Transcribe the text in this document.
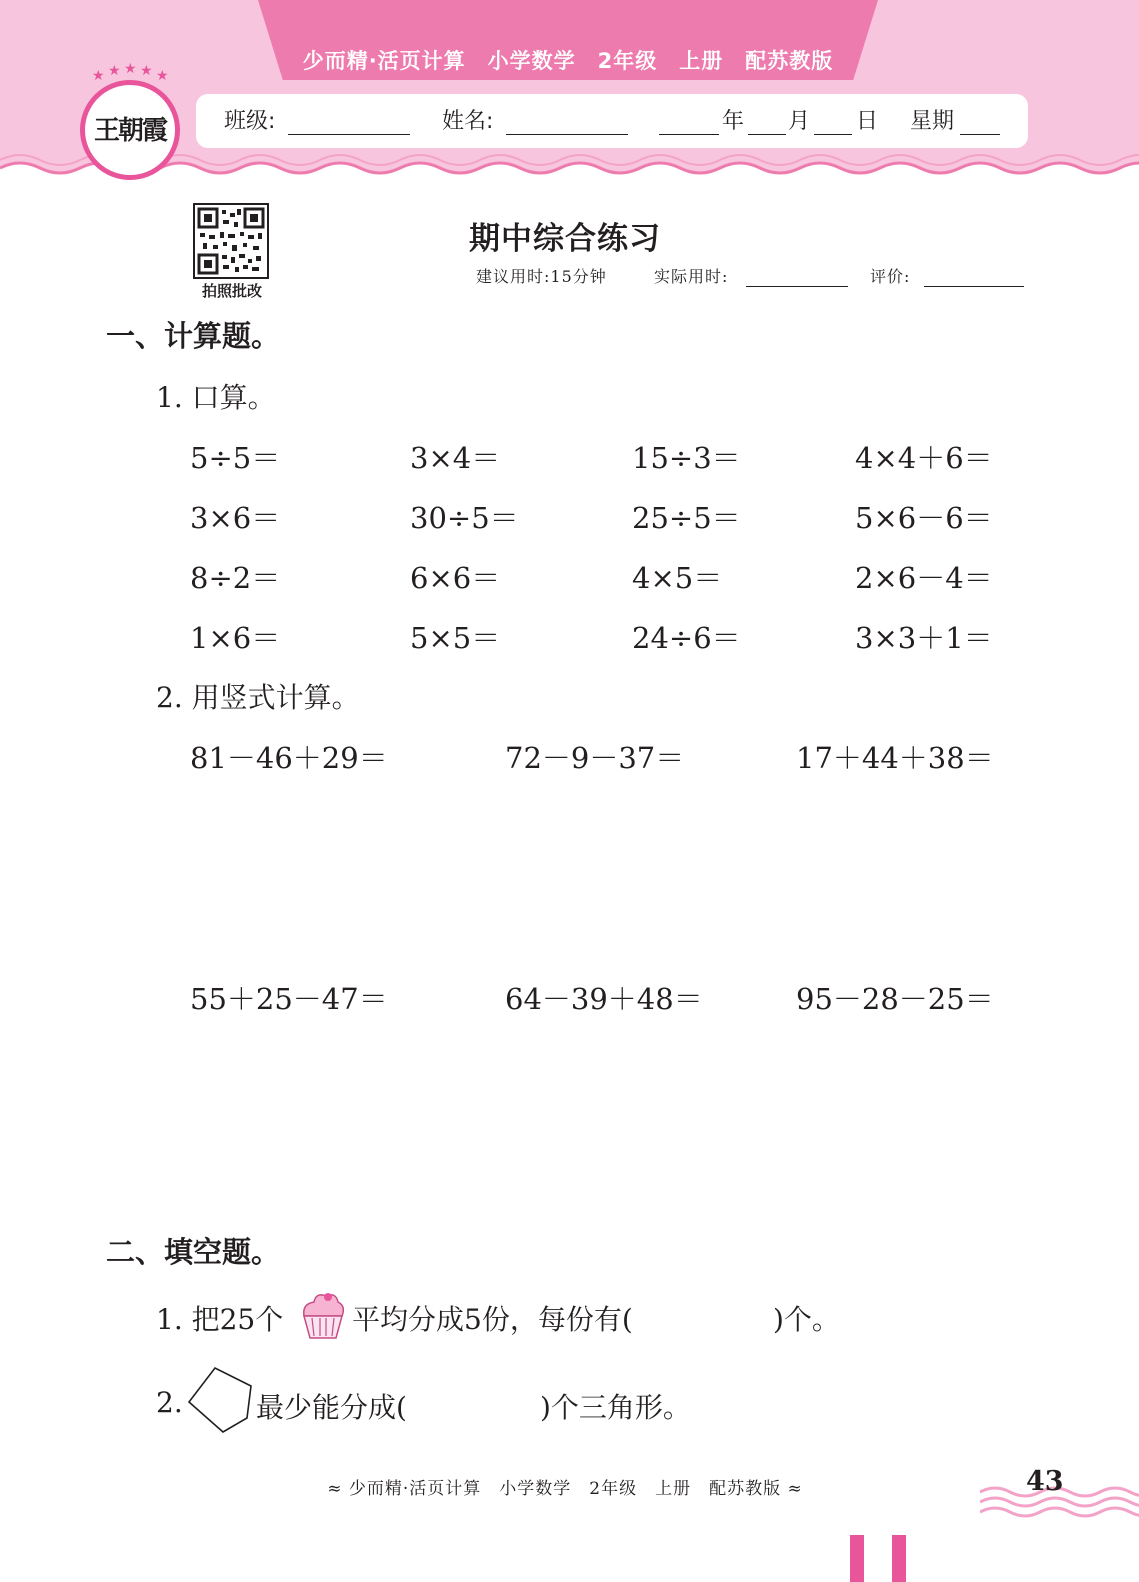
少而精·活页计算　小学数学　2年级　上册　配苏教版
班级:	姓名:	年 月 日 星期
★ ★ ★ ★ ★
王朝霞
拍照批改
期中综合练习
建议用时:15分钟	实际用时:	评价:
一、计算题。
1. 口算。
5÷5＝	3×4＝	15÷3＝	4×4＋6＝
3×6＝	30÷5＝	25÷5＝	5×6－6＝
8÷2＝	6×6＝	4×5＝	2×6－4＝
1×6＝	5×5＝	24÷6＝	3×3＋1＝
2. 用竖式计算。
81－46＋29＝	72－9－37＝	17＋44＋38＝
55＋25－47＝	64－39＋48＝	95－28－25＝
二、填空题。
1. 把25个 平均分成5份，每份有(	)个。
2.	最少能分成(	)个三角形。
≈ 少而精·活页计算　小学数学　2年级　上册　配苏教版 ≈	43
